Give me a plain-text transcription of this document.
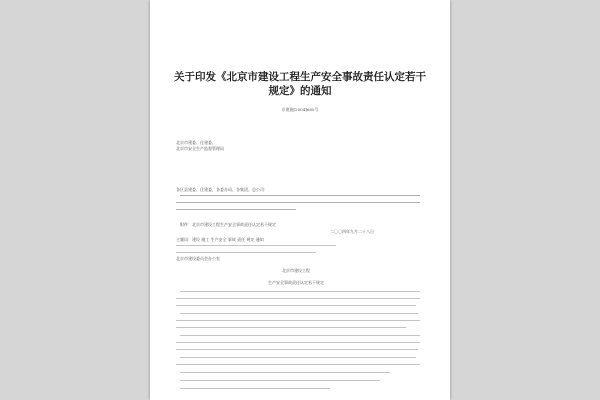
关于印发《北京市建设工程生产安全事故责任认定若干
规定》的通知
京建施[2004]685号
北京市建委、住建委、
北京市安全生产监督管理局
各区县建委、住建委，各委办局、各集团、总公司：
附件：北京市建设工程生产安全事故责任认定若干规定
二〇〇四年九月二十八日
主题词：建设 施工 生产安全 事故 责任 规定 通知
北京市建设委员会办公室
北京市建设工程
生产安全事故责任认定若干规定
